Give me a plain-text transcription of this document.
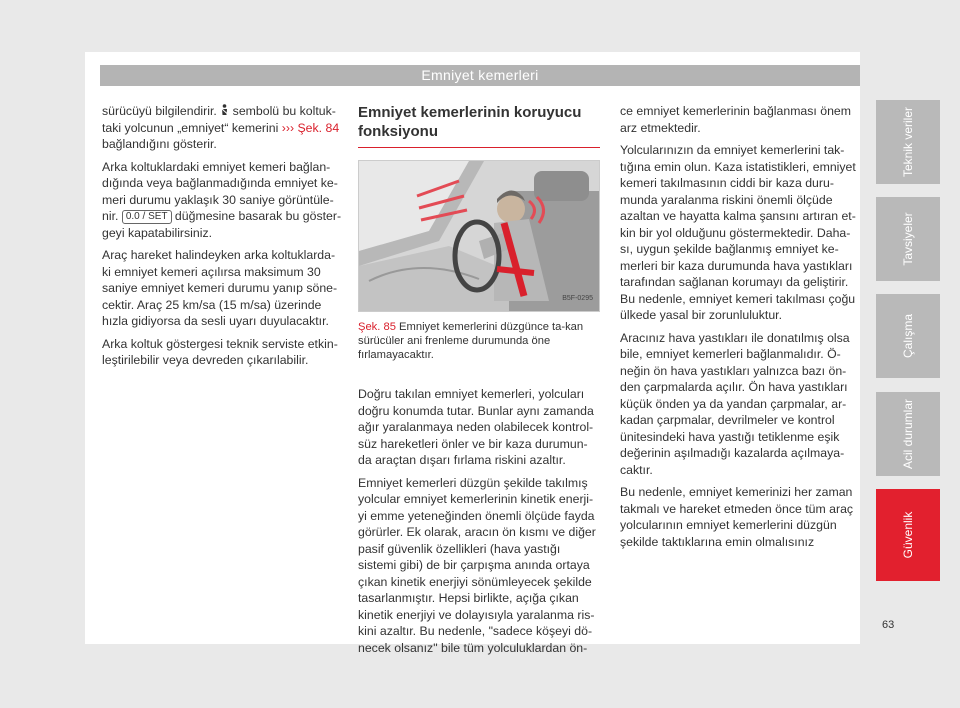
Emniyet kemerleri

sürücüyü bilgilendirir.  sembolü bu koltuk-taki yolcunun „emniyet“ kemerini ››› Şek. 84 bağlandığını gösterir.

Arka koltuklardaki emniyet kemeri bağlan-dığında veya bağlanmadığında emniyet ke-meri durumu yaklaşık 30 saniye görüntüle-nir. 0.0 / SET düğmesine basarak bu göster-geyi kapatabilirsiniz.

Araç hareket halindeyken arka koltuklarda-ki emniyet kemeri açılırsa maksimum 30 saniye emniyet kemeri durumu yanıp söne-cektir. Araç 25 km/sa (15 m/sa) üzerinde hızla gidiyorsa da sesli uyarı duyulacaktır.

Arka koltuk göstergesi teknik serviste etkin-leştirilebilir veya devreden çıkarılabilir.

Emniyet kemerlerinin koruyucu fonksiyonu
B5F-0295
Şek. 85 Emniyet kemerlerini düzgünce ta-kan sürücüler ani frenleme durumunda öne fırlamayacaktır.

Doğru takılan emniyet kemerleri, yolcuları doğru konumda tutar. Bunlar aynı zamanda ağır yaralanmaya neden olabilecek kontrol-süz hareketleri önler ve bir kaza durumun-da araçtan dışarı fırlama riskini azaltır.

Emniyet kemerleri düzgün şekilde takılmış yolcular emniyet kemerlerinin kinetik enerji-yi emme yeteneğinden önemli ölçüde fayda görürler. Ek olarak, aracın ön kısmı ve diğer pasif güvenlik özellikleri (hava yastığı sistemi gibi) de bir çarpışma anında ortaya çıkan kinetik enerjiyi sönümleyecek şekilde tasarlanmıştır. Hepsi birlikte, açığa çıkan kinetik enerjiyi ve dolayısıyla yaralanma ris-kini azaltır. Bu nedenle, "sadece köşeyi dö-necek olsanız" bile tüm yolculuklardan ön-

ce emniyet kemerlerinin bağlanması önem arz etmektedir.

Yolcularınızın da emniyet kemerlerini tak-tığına emin olun. Kaza istatistikleri, emniyet kemeri takılmasının ciddi bir kaza duru-munda yaralanma riskini önemli ölçüde azaltan ve hayatta kalma şansını artıran et-kin bir yol olduğunu göstermektedir. Daha-sı, uygun şekilde bağlanmış emniyet ke-merleri bir kaza durumunda hava yastıkları tarafından sağlanan korumayı da geliştirir. Bu nedenle, emniyet kemeri takılması çoğu ülkede yasal bir zorunluluktur.

Aracınız hava yastıkları ile donatılmış olsa bile, emniyet kemerleri bağlanmalıdır. Ö-neğin ön hava yastıkları yalnızca bazı ön-den çarpmalarda açılır. Ön hava yastıkları küçük önden ya da yandan çarpmalar, ar-kadan çarpmalar, devrilmeler ve kontrol ünitesindeki hava yastığı tetiklenme eşik değerinin aşılmadığı kazalarda açılmaya-caktır.

Bu nedenle, emniyet kemerinizi her zaman takmalı ve hareket etmeden önce tüm araç yolcularının emniyet kemerlerini düzgün şekilde taktıklarına emin olmalısınız

Teknik veriler
Tavsiyeler
Çalışma
Acil durumlar
Güvenlik
63
